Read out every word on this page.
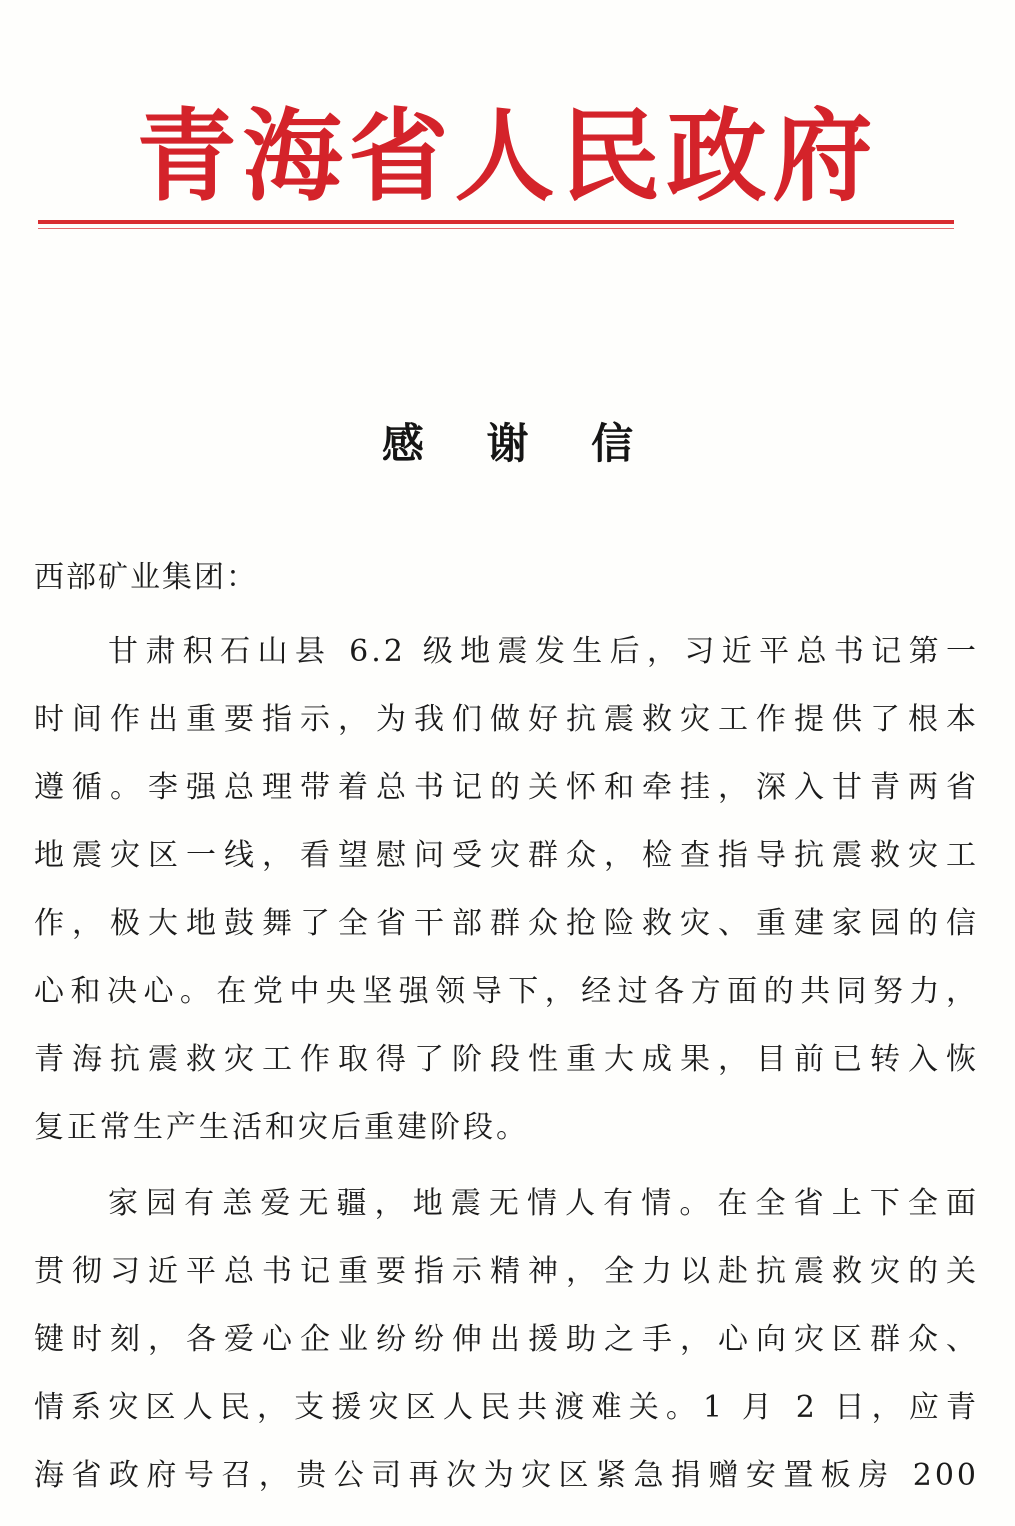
青海省人民政府
感 谢 信
西部矿业集团：
甘肃积石山县 6.2 级地震发生后，习近平总书记第一
时间作出重要指示，为我们做好抗震救灾工作提供了根本
遵循。李强总理带着总书记的关怀和牵挂，深入甘青两省
地震灾区一线，看望慰问受灾群众，检查指导抗震救灾工
作，极大地鼓舞了全省干部群众抢险救灾、重建家园的信
心和决心。在党中央坚强领导下，经过各方面的共同努力，
青海抗震救灾工作取得了阶段性重大成果，目前已转入恢
复正常生产生活和灾后重建阶段。
家园有恙爱无疆，地震无情人有情。在全省上下全面
贯彻习近平总书记重要指示精神，全力以赴抗震救灾的关
键时刻，各爱心企业纷纷伸出援助之手，心向灾区群众、
情系灾区人民，支援灾区人民共渡难关。1 月 2 日，应青
海省政府号召，贵公司再次为灾区紧急捐赠安置板房 200
